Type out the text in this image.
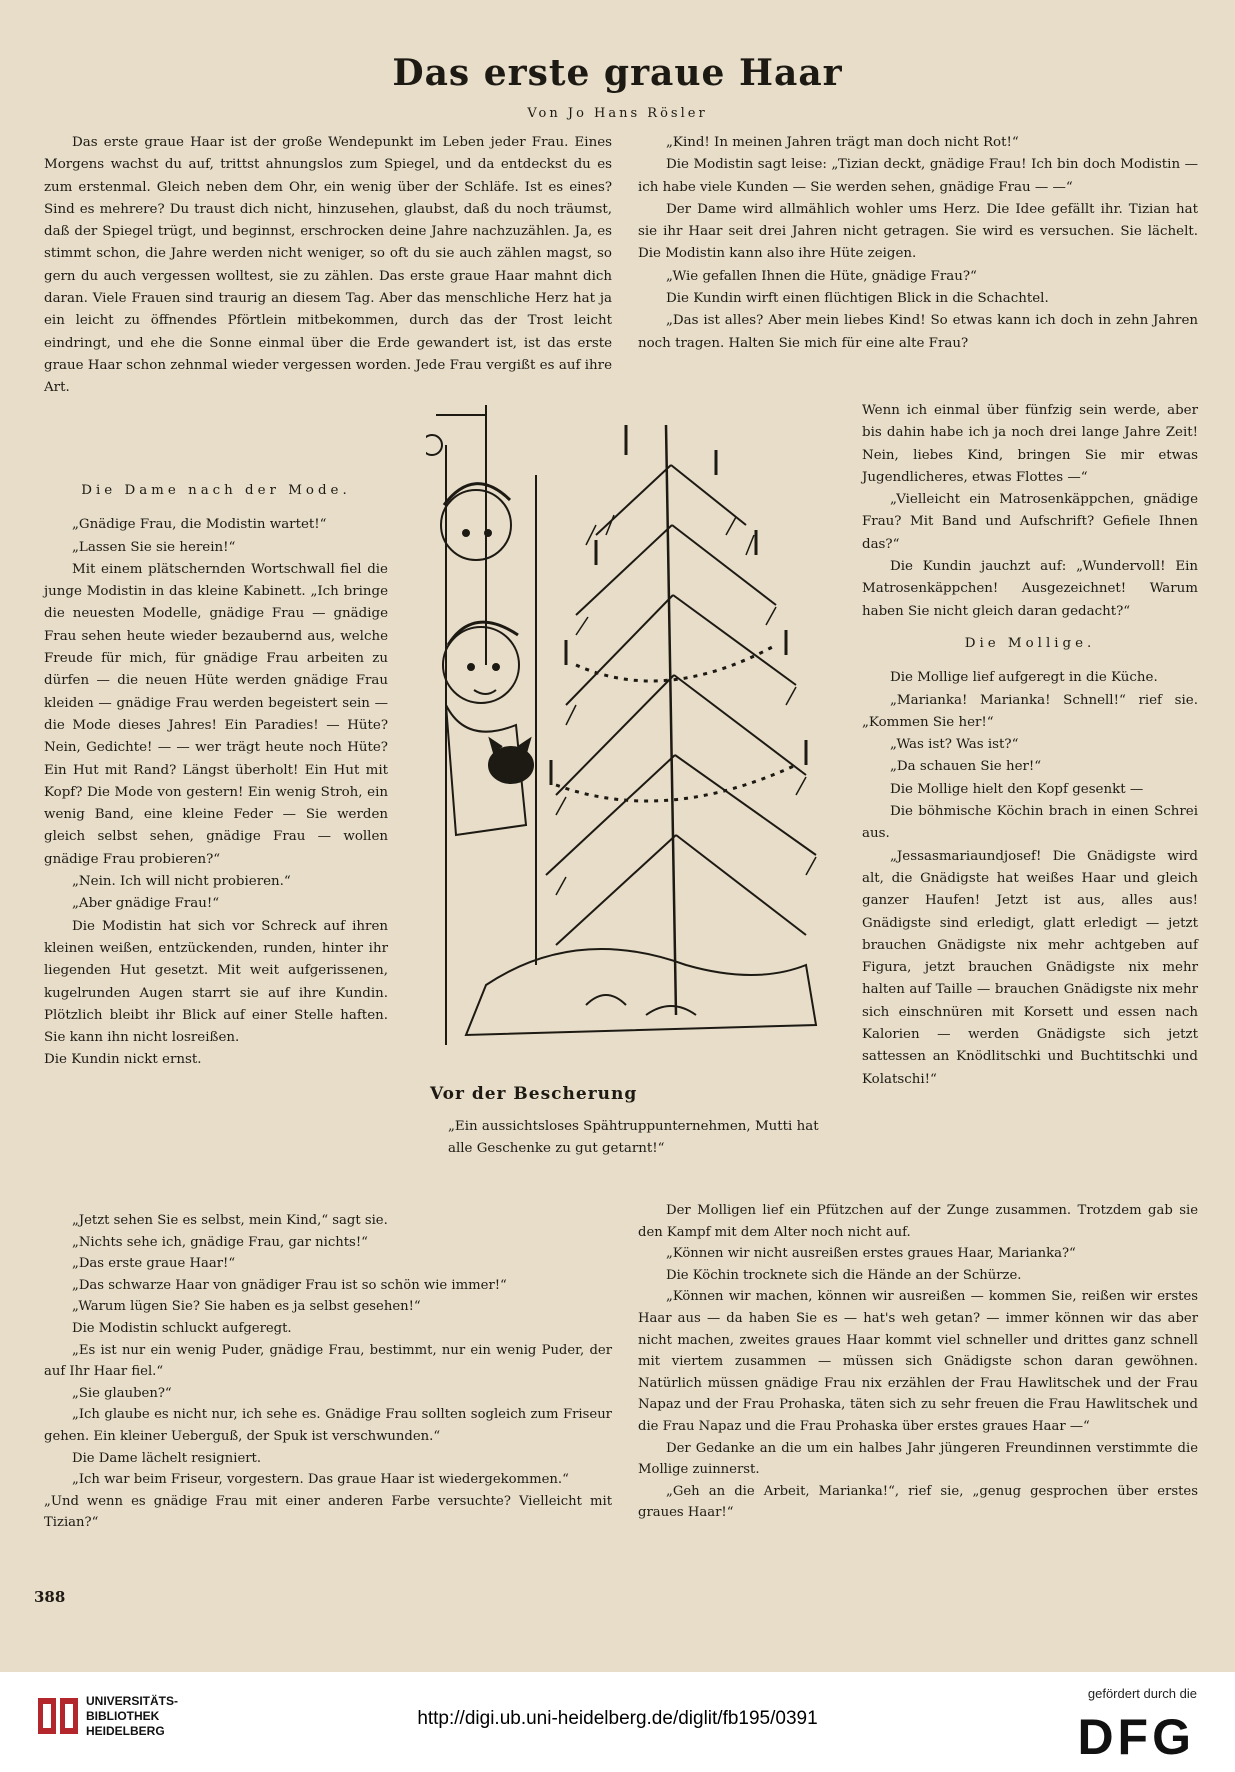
Das erste graue Haar
Von Jo Hans Rösler

Das erste graue Haar ist der große Wendepunkt im Leben jeder Frau. Eines Morgens wachst du auf, trittst ahnungslos zum Spiegel, und da entdeckst du es zum erstenmal. Gleich neben dem Ohr, ein wenig über der Schläfe. Ist es eines? Sind es mehrere? Du traust dich nicht, hinzusehen, glaubst, daß du noch träumst, daß der Spiegel trügt, und beginnst, erschrocken deine Jahre nachzuzählen. Ja, es stimmt schon, die Jahre werden nicht weniger, so oft du sie auch zählen magst, so gern du auch vergessen wolltest, sie zu zählen. Das erste graue Haar mahnt dich daran. Viele Frauen sind traurig an diesem Tag. Aber das menschliche Herz hat ja ein leicht zu öffnendes Pförtlein mitbekommen, durch das der Trost leicht eindringt, und ehe die Sonne einmal über die Erde gewandert ist, ist das erste graue Haar schon zehnmal wieder vergessen worden. Jede Frau vergißt es auf ihre Art.

Die Dame nach der Mode.

„Gnädige Frau, die Modistin wartet!“

„Lassen Sie sie herein!“

Mit einem plätschernden Wortschwall fiel die junge Modistin in das kleine Kabinett. „Ich bringe die neuesten Modelle, gnädige Frau — gnädige Frau sehen heute wieder bezaubernd aus, welche Freude für mich, für gnädige Frau arbeiten zu dürfen — die neuen Hüte werden gnädige Frau kleiden — gnädige Frau werden begeistert sein — die Mode dieses Jahres! Ein Paradies! — Hüte? Nein, Gedichte! — — wer trägt heute noch Hüte? Ein Hut mit Rand? Längst überholt! Ein Hut mit Kopf? Die Mode von gestern! Ein wenig Stroh, ein wenig Band, eine kleine Feder — Sie werden gleich selbst sehen, gnädige Frau — wollen gnädige Frau probieren?“

„Nein. Ich will nicht probieren.“

„Aber gnädige Frau!“

Die Modistin hat sich vor Schreck auf ihren kleinen weißen, entzückenden, runden, hinter ihr liegenden Hut gesetzt. Mit weit aufgerissenen, kugelrunden Augen starrt sie auf ihre Kundin. Plötzlich bleibt ihr Blick auf einer Stelle haften. Sie kann ihn nicht losreißen.

Die Kundin nickt ernst.

„Jetzt sehen Sie es selbst, mein Kind,“ sagt sie.

„Nichts sehe ich, gnädige Frau, gar nichts!“

„Das erste graue Haar!“

„Das schwarze Haar von gnädiger Frau ist so schön wie immer!“

„Warum lügen Sie? Sie haben es ja selbst gesehen!“

Die Modistin schluckt aufgeregt.

„Es ist nur ein wenig Puder, gnädige Frau, bestimmt, nur ein wenig Puder, der auf Ihr Haar fiel.“

„Sie glauben?“

„Ich glaube es nicht nur, ich sehe es. Gnädige Frau sollten sogleich zum Friseur gehen. Ein kleiner Ueberguß, der Spuk ist verschwunden.“

Die Dame lächelt resigniert.

„Ich war beim Friseur, vorgestern. Das graue Haar ist wiedergekommen.“

„Und wenn es gnädige Frau mit einer anderen Farbe versuchte? Vielleicht mit Tizian?“

„Kind! In meinen Jahren trägt man doch nicht Rot!“

Die Modistin sagt leise: „Tizian deckt, gnädige Frau! Ich bin doch Modistin — ich habe viele Kunden — Sie werden sehen, gnädige Frau — —“

Der Dame wird allmählich wohler ums Herz. Die Idee gefällt ihr. Tizian hat sie ihr Haar seit drei Jahren nicht getragen. Sie wird es versuchen. Sie lächelt. Die Modistin kann also ihre Hüte zeigen.

„Wie gefallen Ihnen die Hüte, gnädige Frau?“

Die Kundin wirft einen flüchtigen Blick in die Schachtel.

„Das ist alles? Aber mein liebes Kind! So etwas kann ich doch in zehn Jahren noch tragen. Halten Sie mich für eine alte Frau?

Wenn ich einmal über fünfzig sein werde, aber bis dahin habe ich ja noch drei lange Jahre Zeit! Nein, liebes Kind, bringen Sie mir etwas Jugendlicheres, etwas Flottes —“

„Vielleicht ein Matrosenkäppchen, gnädige Frau? Mit Band und Aufschrift? Gefiele Ihnen das?“

Die Kundin jauchzt auf: „Wundervoll! Ein Matrosenkäppchen! Ausgezeichnet! Warum haben Sie nicht gleich daran gedacht?“

Die Mollige.

Die Mollige lief aufgeregt in die Küche.

„Marianka! Marianka! Schnell!“ rief sie. „Kommen Sie her!“

„Was ist? Was ist?“

„Da schauen Sie her!“

Die Mollige hielt den Kopf gesenkt —

Die böhmische Köchin brach in einen Schrei aus.

„Jessasmariaundjosef! Die Gnädigste wird alt, die Gnädigste hat weißes Haar und gleich ganzer Haufen! Jetzt ist aus, alles aus! Gnädigste sind erledigt, glatt erledigt — jetzt brauchen Gnädigste nix mehr achtgeben auf Figura, jetzt brauchen Gnädigste nix mehr halten auf Taille — brauchen Gnädigste nix mehr sich einschnüren mit Korsett und essen nach Kalorien — werden Gnädigste sich jetzt sattessen an Knödlitschki und Buchtitschki und Kolatschi!“

Der Molligen lief ein Pfützchen auf der Zunge zusammen. Trotzdem gab sie den Kampf mit dem Alter noch nicht auf.

„Können wir nicht ausreißen erstes graues Haar, Marianka?“

Die Köchin trocknete sich die Hände an der Schürze.

„Können wir machen, können wir ausreißen — kommen Sie, reißen wir erstes Haar aus — da haben Sie es — hat's weh getan? — immer können wir das aber nicht machen, zweites graues Haar kommt viel schneller und drittes ganz schnell mit viertem zusammen — müssen sich Gnädigste schon daran gewöhnen. Natürlich müssen gnädige Frau nix erzählen der Frau Hawlitschek und der Frau Napaz und der Frau Prohaska, täten sich zu sehr freuen die Frau Hawlitschek und die Frau Napaz und die Frau Prohaska über erstes graues Haar —“

Der Gedanke an die um ein halbes Jahr jüngeren Freundinnen verstimmte die Mollige zuinnerst.

„Geh an die Arbeit, Marianka!“, rief sie, „genug gesprochen über erstes graues Haar!“

Vor der Bescherung
„Ein aussichtsloses Spähtruppunternehmen, Mutti hat alle Geschenke zu gut getarnt!“
388
UNIVERSITÄTS-
BIBLIOTHEK
HEIDELBERG
http://digi.ub.uni-heidelberg.de/diglit/fb195/0391
gefördert durch die
DFG
